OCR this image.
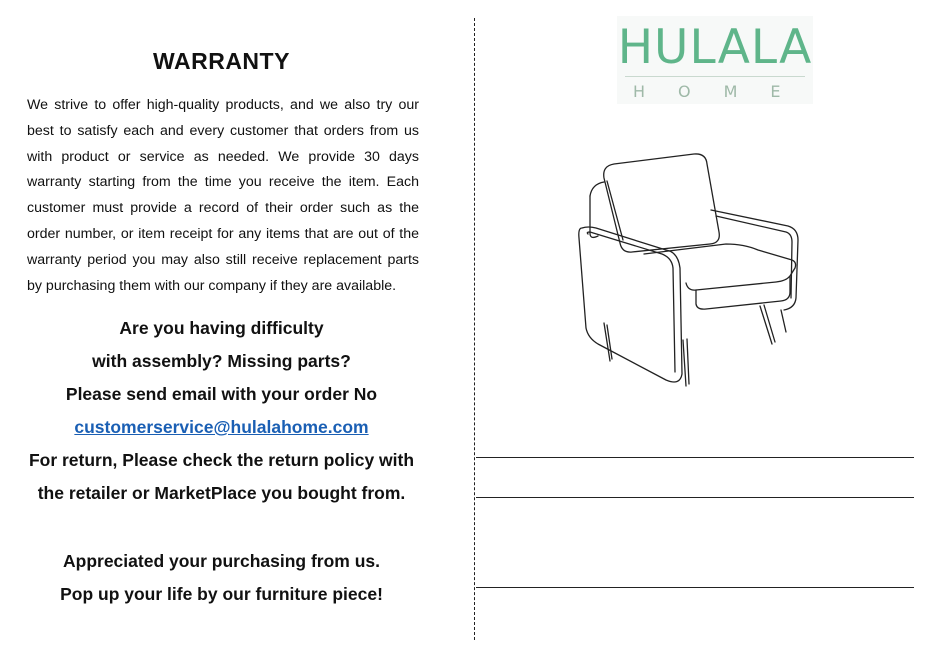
WARRANTY

We strive to offer high-quality products, and we also try our best to satisfy each and every customer that orders from us with product or service as needed. We provide 30 days warranty starting from the time you receive the item. Each customer must provide a record of their order such as the order number, or item receipt for any items that are out of the warranty period you may also still receive replacement parts by purchasing them with our company if they are available.

Are you having difficulty
with assembly? Missing parts?
Please send email with your order No
customerservice@hulalahome.com
For return, Please check the return policy with
the retailer or MarketPlace you bought from.
Appreciated your purchasing from us.
Pop up your life by our furniture piece!
HULALA
HOME
